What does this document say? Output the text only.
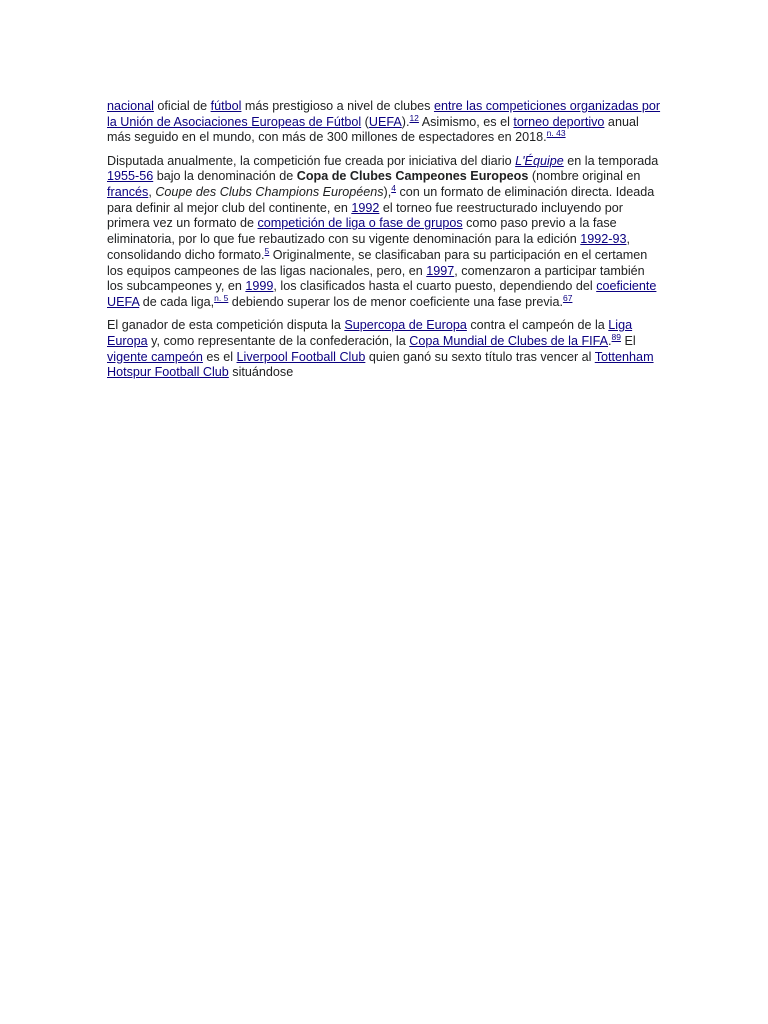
nacional oficial de fútbol más prestigioso a nivel de clubes entre las competiciones organizadas por la Unión de Asociaciones Europeas de Fútbol (UEFA).$^{12}$ Asimismo, es el torneo deportivo anual más seguido en el mundo, con más de 300 millones de espectadores en 2018.$^{n. 43}$

Disputada anualmente, la competición fue creada por iniciativa del diario L'Équipe en la temporada 1955-56 bajo la denominación de Copa de Clubes Campeones Europeos (nombre original en francés, Coupe des Clubs Champions Européens),$^4$ con un formato de eliminación directa. Ideada para definir al mejor club del continente, en 1992 el torneo fue reestructurado incluyendo por primera vez un formato de competición de liga o fase de grupos como paso previo a la fase eliminatoria, por lo que fue rebautizado con su vigente denominación para la edición 1992-93, consolidando dicho formato.$^5$ Originalmente, se clasificaban para su participación en el certamen los equipos campeones de las ligas nacionales, pero, en 1997, comenzaron a participar también los subcampeones y, en 1999, los clasificados hasta el cuarto puesto, dependiendo del coeficiente UEFA de cada liga,$^{n. 5}$ debiendo superar los de menor coeficiente una fase previa.$^{67}$

El ganador de esta competición disputa la Supercopa de Europa contra el campeón de la Liga Europa y, como representante de la confederación, la Copa Mundial de Clubes de la FIFA.$^{89}$ El vigente campeón es el Liverpool Football Club quien ganó su sexto título tras vencer al Tottenham Hotspur Football Club situándose
